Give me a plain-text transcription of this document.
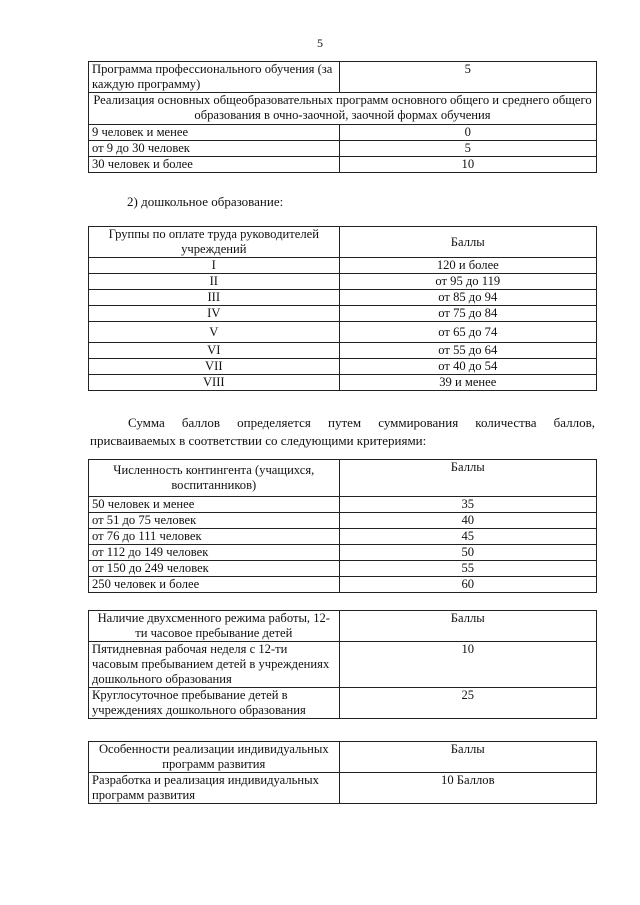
5
Программа профессионального обучения (за каждую программу)	5
Реализация основных общеобразовательных программ основного общего и среднего общего образования в очно-заочной, заочной формах обучения	
9 человек и менее	0
от 9 до 30 человек	5
30 человек и более	10
2) дошкольное образование:
Группы по оплате труда руководителей учреждений	Баллы
I	120 и более
II	от 95 до 119
III	от 85 до 94
IV	от 75 до 84
V	от 65 до 74
VI	от 55 до 64
VII	от 40 до 54
VIII	39 и менее
Сумма баллов определяется путем суммирования количества баллов,
присваиваемых в соответствии со следующими критериями:
Численность контингента (учащихся, воспитанников)	Баллы
50 человек и менее	35
от 51 до 75 человек	40
от 76 до 111 человек	45
от 112 до 149 человек	50
от 150 до 249 человек	55
250 человек и более	60
Наличие двухсменного режима работы, 12-ти часовое пребывание детей	Баллы
Пятидневная рабочая неделя с 12-ти часовым пребыванием детей в учреждениях дошкольного образования	10
Круглосуточное пребывание детей в учреждениях дошкольного образования	25
Особенности реализации индивидуальных программ развития	Баллы
Разработка и реализация индивидуальных программ развития	10 Баллов
